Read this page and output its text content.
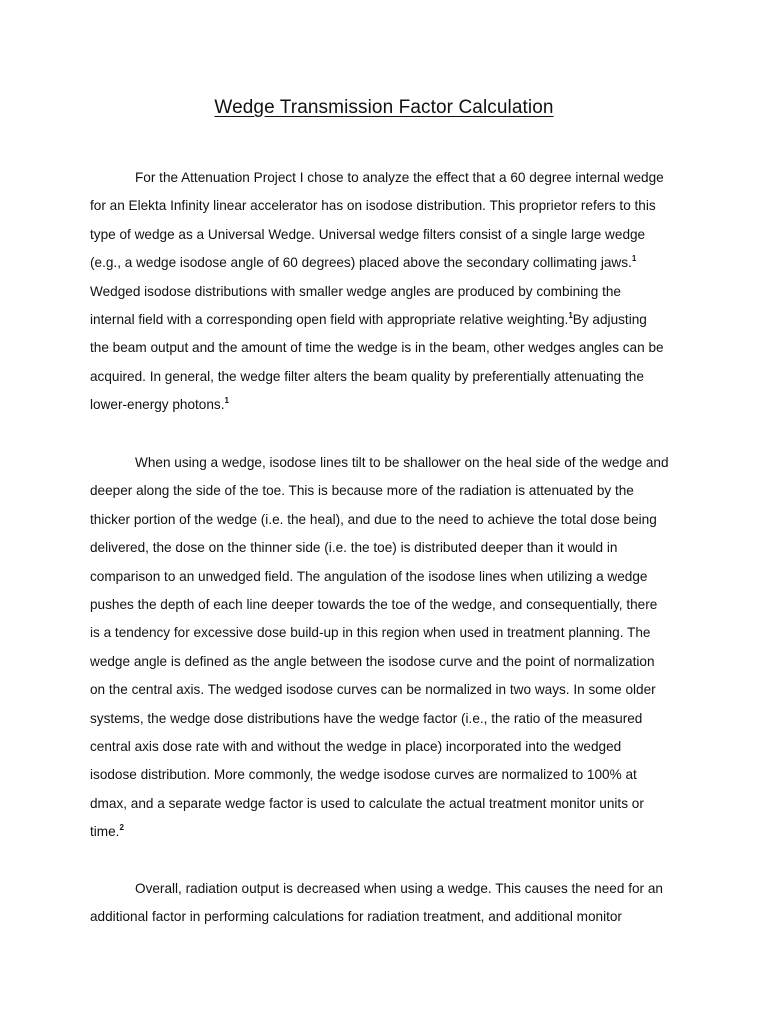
Wedge Transmission Factor Calculation
For the Attenuation Project I chose to analyze the effect that a 60 degree internal wedge
for an Elekta Infinity linear accelerator has on isodose distribution. This proprietor refers to this
type of wedge as a Universal Wedge. Universal wedge filters consist of a single large wedge
(e.g., a wedge isodose angle of 60 degrees) placed above the secondary collimating jaws.$^1$
Wedged isodose distributions with smaller wedge angles are produced by combining the
internal field with a corresponding open field with appropriate relative weighting.$^1$By adjusting
the beam output and the amount of time the wedge is in the beam, other wedges angles can be
acquired. In general, the wedge filter alters the beam quality by preferentially attenuating the
lower-energy photons.$^1$
When using a wedge, isodose lines tilt to be shallower on the heal side of the wedge and
deeper along the side of the toe. This is because more of the radiation is attenuated by the
thicker portion of the wedge (i.e. the heal), and due to the need to achieve the total dose being
delivered, the dose on the thinner side (i.e. the toe) is distributed deeper than it would in
comparison to an unwedged field. The angulation of the isodose lines when utilizing a wedge
pushes the depth of each line deeper towards the toe of the wedge, and consequentially, there
is a tendency for excessive dose build-up in this region when used in treatment planning. The
wedge angle is defined as the angle between the isodose curve and the point of normalization
on the central axis. The wedged isodose curves can be normalized in two ways. In some older
systems, the wedge dose distributions have the wedge factor (i.e., the ratio of the measured
central axis dose rate with and without the wedge in place) incorporated into the wedged
isodose distribution. More commonly, the wedge isodose curves are normalized to 100% at
dmax, and a separate wedge factor is used to calculate the actual treatment monitor units or
time.$^2$
Overall, radiation output is decreased when using a wedge. This causes the need for an
additional factor in performing calculations for radiation treatment, and additional monitor
